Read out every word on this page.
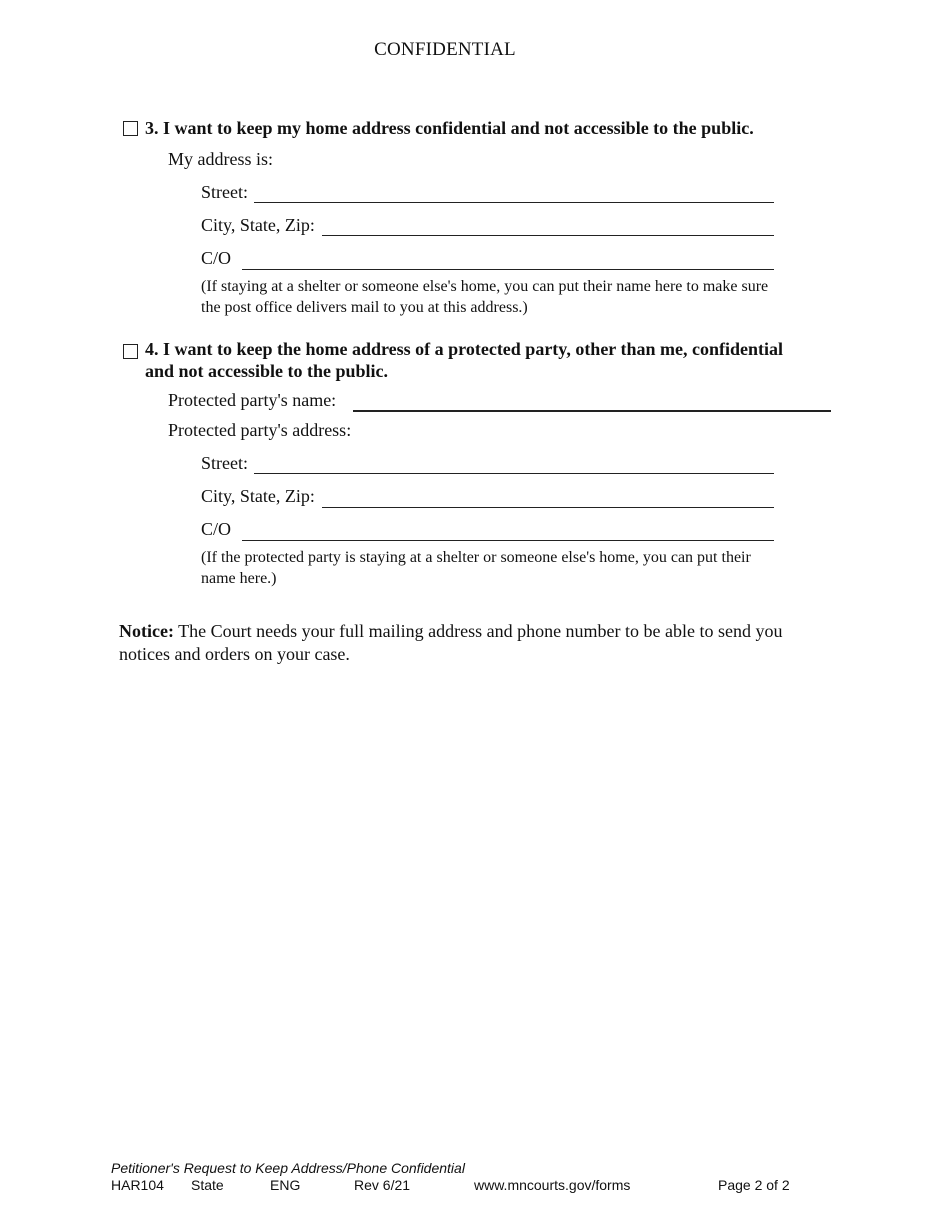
CONFIDENTIAL
3. I want to keep my home address confidential and not accessible to the public.
My address is:
Street:
City, State, Zip:
C/O
(If staying at a shelter or someone else's home, you can put their name here to make sure the post office delivers mail to you at this address.)
4. I want to keep the home address of a protected party, other than me, confidential
and not accessible to the public.
Protected party's name:
Protected party's address:
Street:
City, State, Zip:
C/O
(If the protected party is staying at a shelter or someone else's home, you can put their name here.)
Notice: The Court needs your full mailing address and phone number to be able to send you notices and orders on your case.
Petitioner's Request to Keep Address/Phone Confidential
HAR104 State	ENG	Rev 6/21	www.mncourts.gov/forms	Page 2 of 2
